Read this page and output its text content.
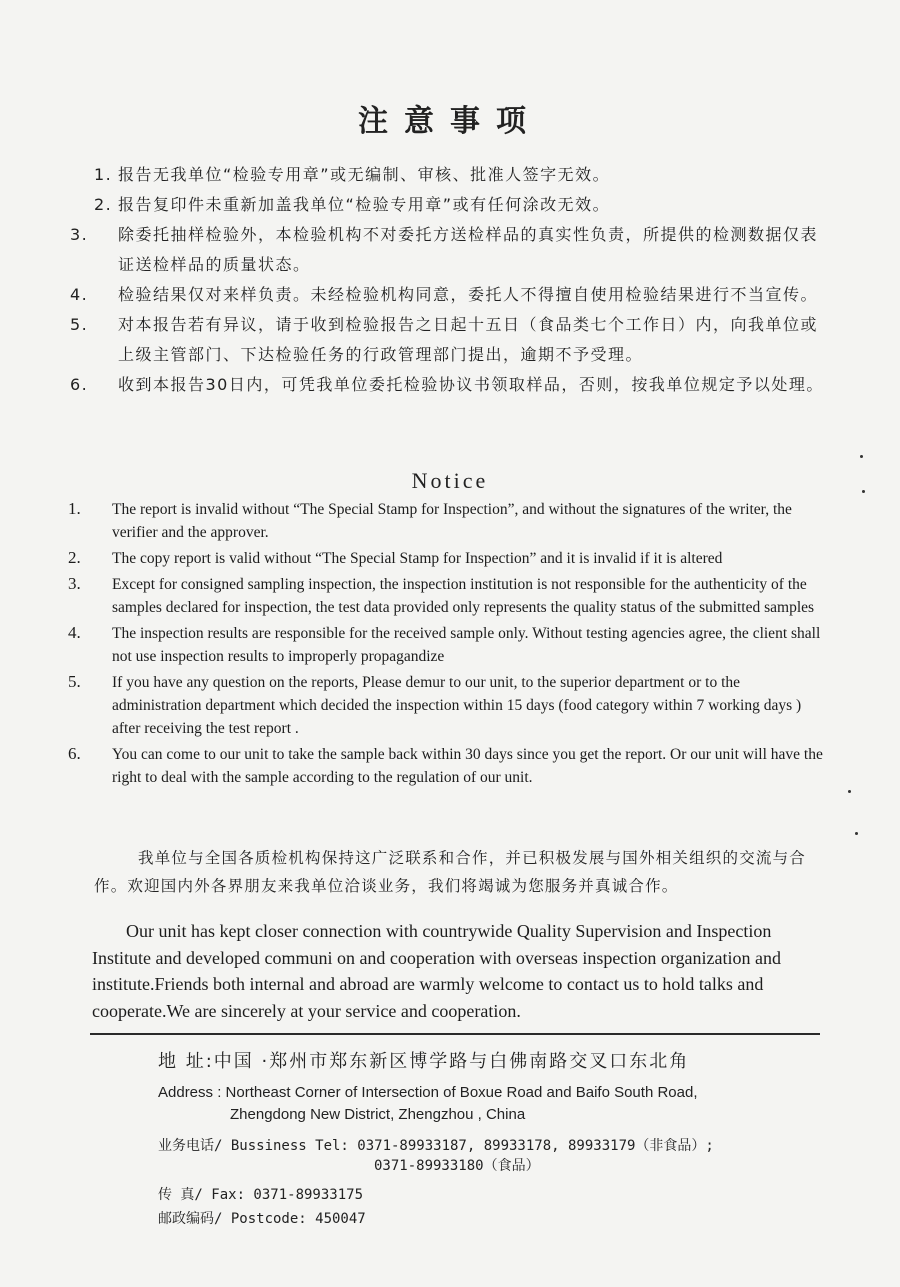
注意事项
1. 报告无我单位“检验专用章”或无编制、审核、批准人签字无效。
2. 报告复印件未重新加盖我单位“检验专用章”或有任何涂改无效。
3. 除委托抽样检验外，本检验机构不对委托方送检样品的真实性负责，所提供的检测数据仅表证送检样品的质量状态。
4. 检验结果仅对来样负责。未经检验机构同意，委托人不得擅自使用检验结果进行不当宣传。
5. 对本报告若有异议，请于收到检验报告之日起十五日（食品类七个工作日）内，向我单位或上级主管部门、下达检验任务的行政管理部门提出，逾期不予受理。
6. 收到本报告30日内，可凭我单位委托检验协议书领取样品，否则，按我单位规定予以处理。
Notice
1. The report is invalid without “The Special Stamp for Inspection”, and without the signatures of the writer, the verifier and the approver.
2. The copy report is valid without “The Special Stamp for Inspection” and it is invalid if it is altered
3. Except for consigned sampling inspection, the inspection institution is not responsible for the authenticity of the samples declared for inspection, the test data provided only represents the quality status of the submitted samples
4. The inspection results are responsible for the received sample only. Without testing agencies agree, the client shall not use inspection results to improperly propagandize
5. If you have any question on the reports, Please demur to our unit, to the superior department or to the administration department which decided the inspection within 15 days (food category within 7 working days ) after receiving the test report .
6. You can come to our unit to take the sample back within 30 days since you get the report. Or our unit will have the right to deal with the sample according to the regulation of our unit.
我单位与全国各质检机构保持这广泛联系和合作，并已积极发展与国外相关组织的交流与合作。欢迎国内外各界朋友来我单位洽谈业务，我们将竭诚为您服务并真诚合作。
Our unit has kept closer connection with countrywide Quality Supervision and Inspection Institute and developed communi on and cooperation with overseas inspection organization and institute.Friends both internal and abroad are warmly welcome to contact us to hold talks and cooperate.We are sincerely at your service and cooperation.
地 址:中国 ·郑州市郑东新区博学路与白佛南路交叉口东北角
Address : Northeast Corner of Intersection of Boxue Road and Baifo South Road,
Zhengdong New District, Zhengzhou , China
业务电话/ Bussiness Tel: 0371-89933187, 89933178, 89933179（非食品）;
0371-89933180（食品）
传 真/ Fax: 0371-89933175
邮政编码/ Postcode: 450047
